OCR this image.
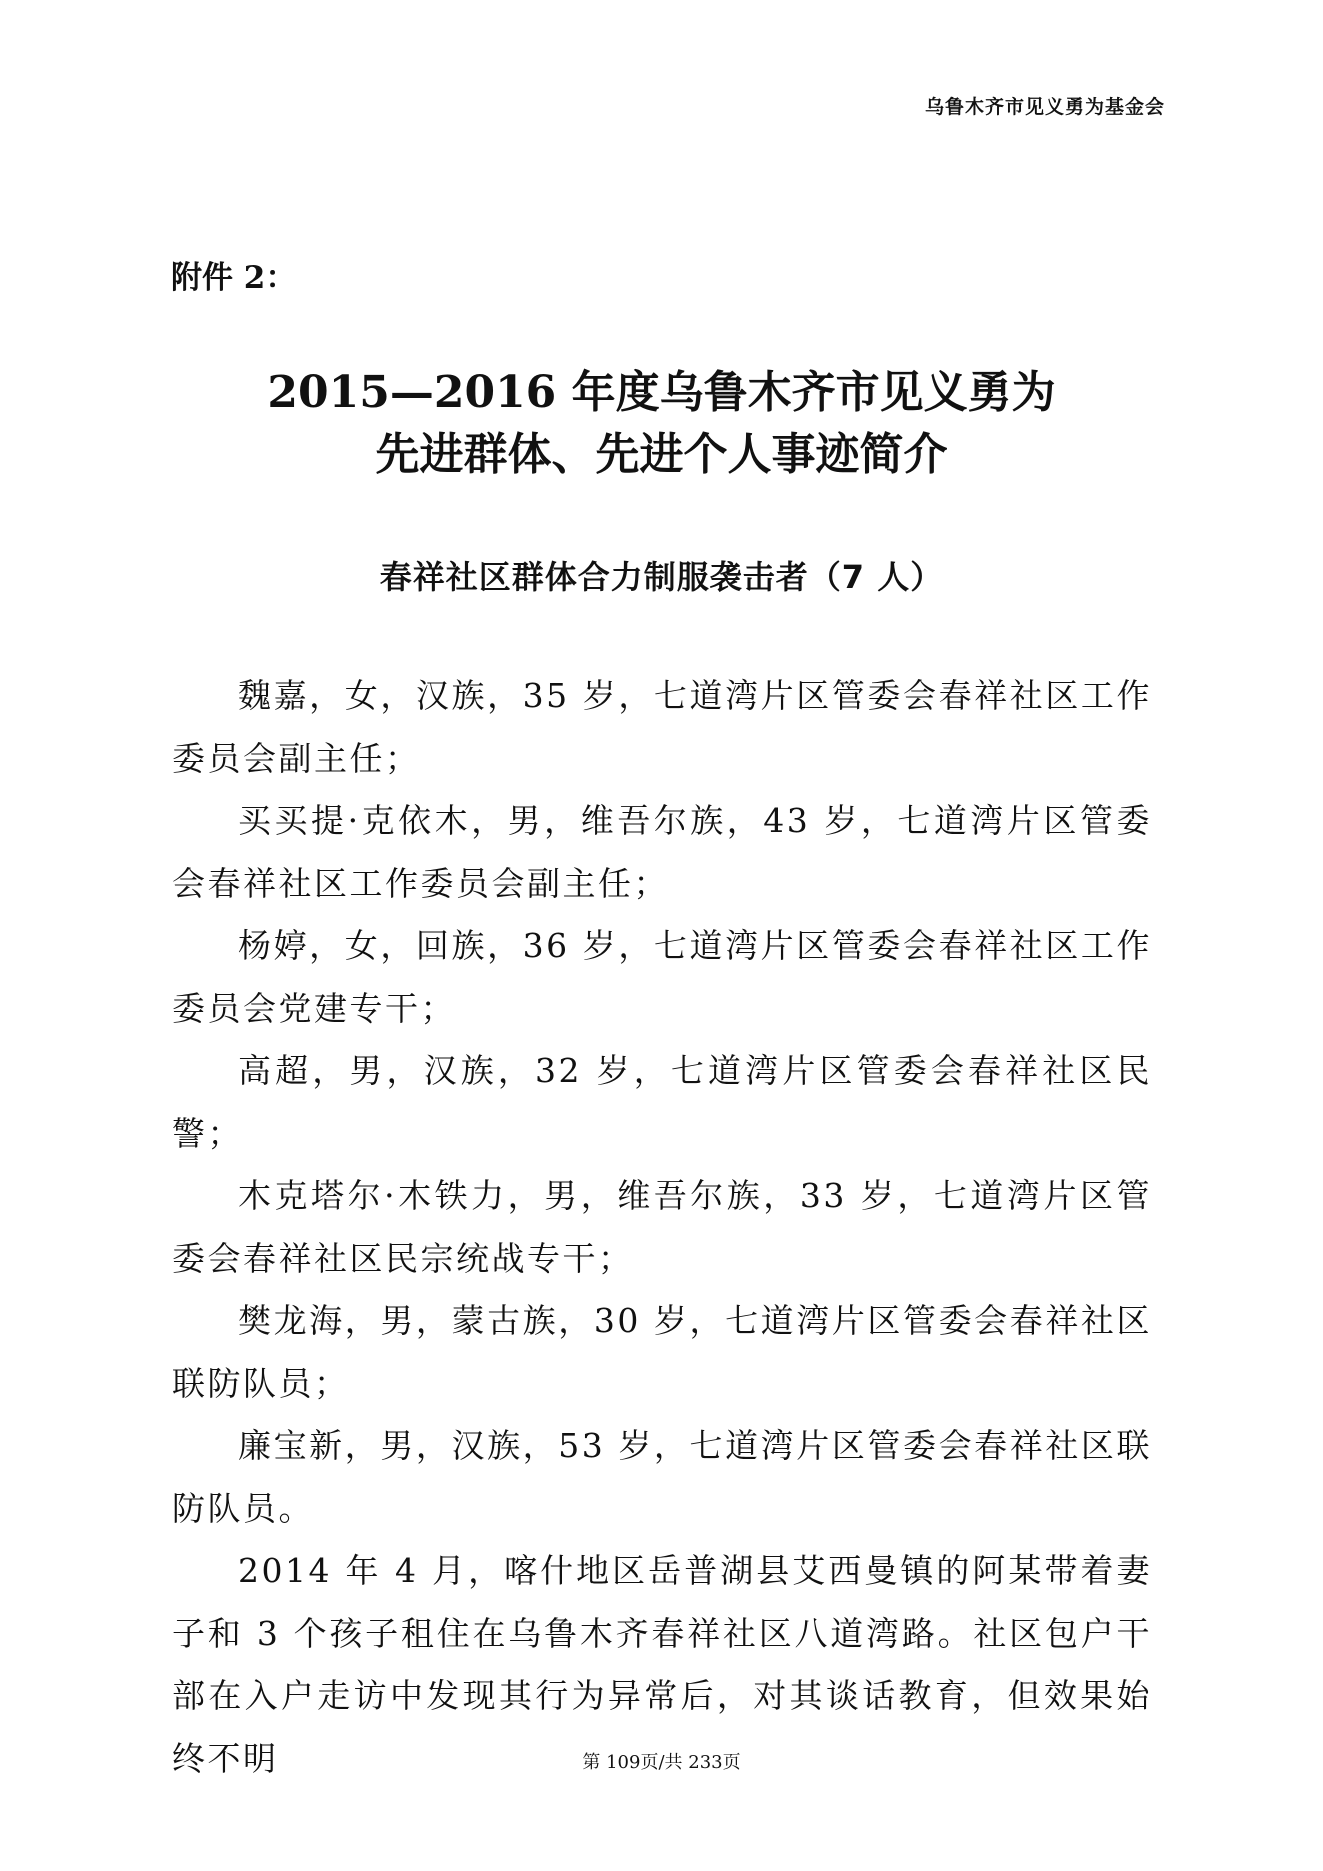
乌鲁木齐市见义勇为基金会
附件 2：
2015—2016 年度乌鲁木齐市见义勇为
先进群体、先进个人事迹简介
春祥社区群体合力制服袭击者（7 人）

魏嘉，女，汉族，35 岁，七道湾片区管委会春祥社区工作委员会副主任；

买买提·克依木，男，维吾尔族，43 岁，七道湾片区管委会春祥社区工作委员会副主任；

杨婷，女，回族，36 岁，七道湾片区管委会春祥社区工作委员会党建专干；

高超，男，汉族，32 岁，七道湾片区管委会春祥社区民警；

木克塔尔·木铁力，男，维吾尔族，33 岁，七道湾片区管委会春祥社区民宗统战专干；

樊龙海，男，蒙古族，30 岁，七道湾片区管委会春祥社区联防队员；

廉宝新，男，汉族，53 岁，七道湾片区管委会春祥社区联防队员。

2014 年 4 月，喀什地区岳普湖县艾西曼镇的阿某带着妻子和 3 个孩子租住在乌鲁木齐春祥社区八道湾路。社区包户干部在入户走访中发现其行为异常后，对其谈话教育，但效果始终不明	第 109页/共 233页
